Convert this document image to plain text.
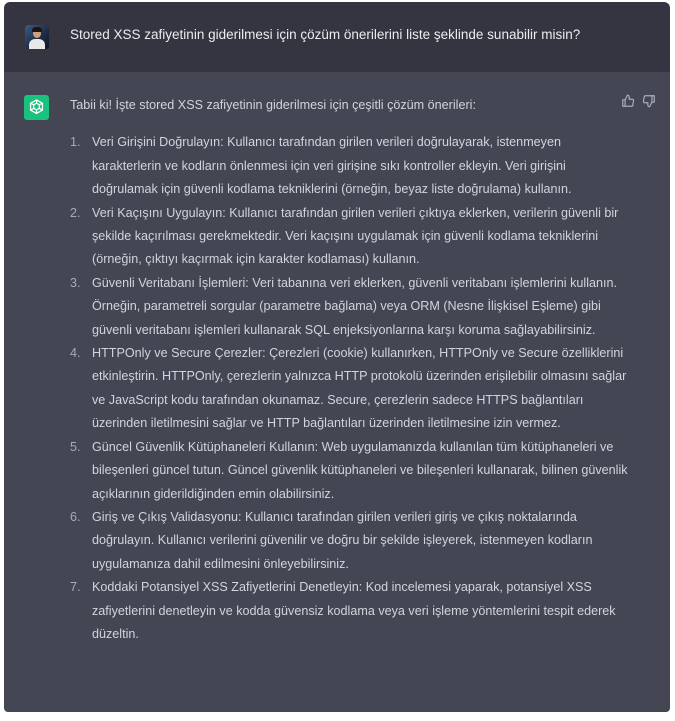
Stored XSS zafiyetinin giderilmesi için çözüm önerilerini liste şeklinde sunabilir misin?

Tabii ki! İşte stored XSS zafiyetinin giderilmesi için çeşitli çözüm önerileri:

1. Veri Girişini Doğrulayın: Kullanıcı tarafından girilen verileri doğrulayarak, istenmeyen karakterlerin ve kodların önlenmesi için veri girişine sıkı kontroller ekleyin. Veri girişini doğrulamak için güvenli kodlama tekniklerini (örneğin, beyaz liste doğrulama) kullanın.
2. Veri Kaçışını Uygulayın: Kullanıcı tarafından girilen verileri çıktıya eklerken, verilerin güvenli bir şekilde kaçırılması gerekmektedir. Veri kaçışını uygulamak için güvenli kodlama tekniklerini (örneğin, çıktıyı kaçırmak için karakter kodlaması) kullanın.
3. Güvenli Veritabanı İşlemleri: Veri tabanına veri eklerken, güvenli veritabanı işlemlerini kullanın. Örneğin, parametreli sorgular (parametre bağlama) veya ORM (Nesne İlişkisel Eşleme) gibi güvenli veritabanı işlemleri kullanarak SQL enjeksiyonlarına karşı koruma sağlayabilirsiniz.
4. HTTPOnly ve Secure Çerezler: Çerezleri (cookie) kullanırken, HTTPOnly ve Secure özelliklerini etkinleştirin. HTTPOnly, çerezlerin yalnızca HTTP protokolü üzerinden erişilebilir olmasını sağlar ve JavaScript kodu tarafından okunamaz. Secure, çerezlerin sadece HTTPS bağlantıları üzerinden iletilmesini sağlar ve HTTP bağlantıları üzerinden iletilmesine izin vermez.
5. Güncel Güvenlik Kütüphaneleri Kullanın: Web uygulamanızda kullanılan tüm kütüphaneleri ve bileşenleri güncel tutun. Güncel güvenlik kütüphaneleri ve bileşenleri kullanarak, bilinen güvenlik açıklarının giderildiğinden emin olabilirsiniz.
6. Giriş ve Çıkış Validasyonu: Kullanıcı tarafından girilen verileri giriş ve çıkış noktalarında doğrulayın. Kullanıcı verilerini güvenilir ve doğru bir şekilde işleyerek, istenmeyen kodların uygulamanıza dahil edilmesini önleyebilirsiniz.
7. Koddaki Potansiyel XSS Zafiyetlerini Denetleyin: Kod incelemesi yaparak, potansiyel XSS zafiyetlerini denetleyin ve kodda güvensiz kodlama veya veri işleme yöntemlerini tespit ederek düzeltin.
